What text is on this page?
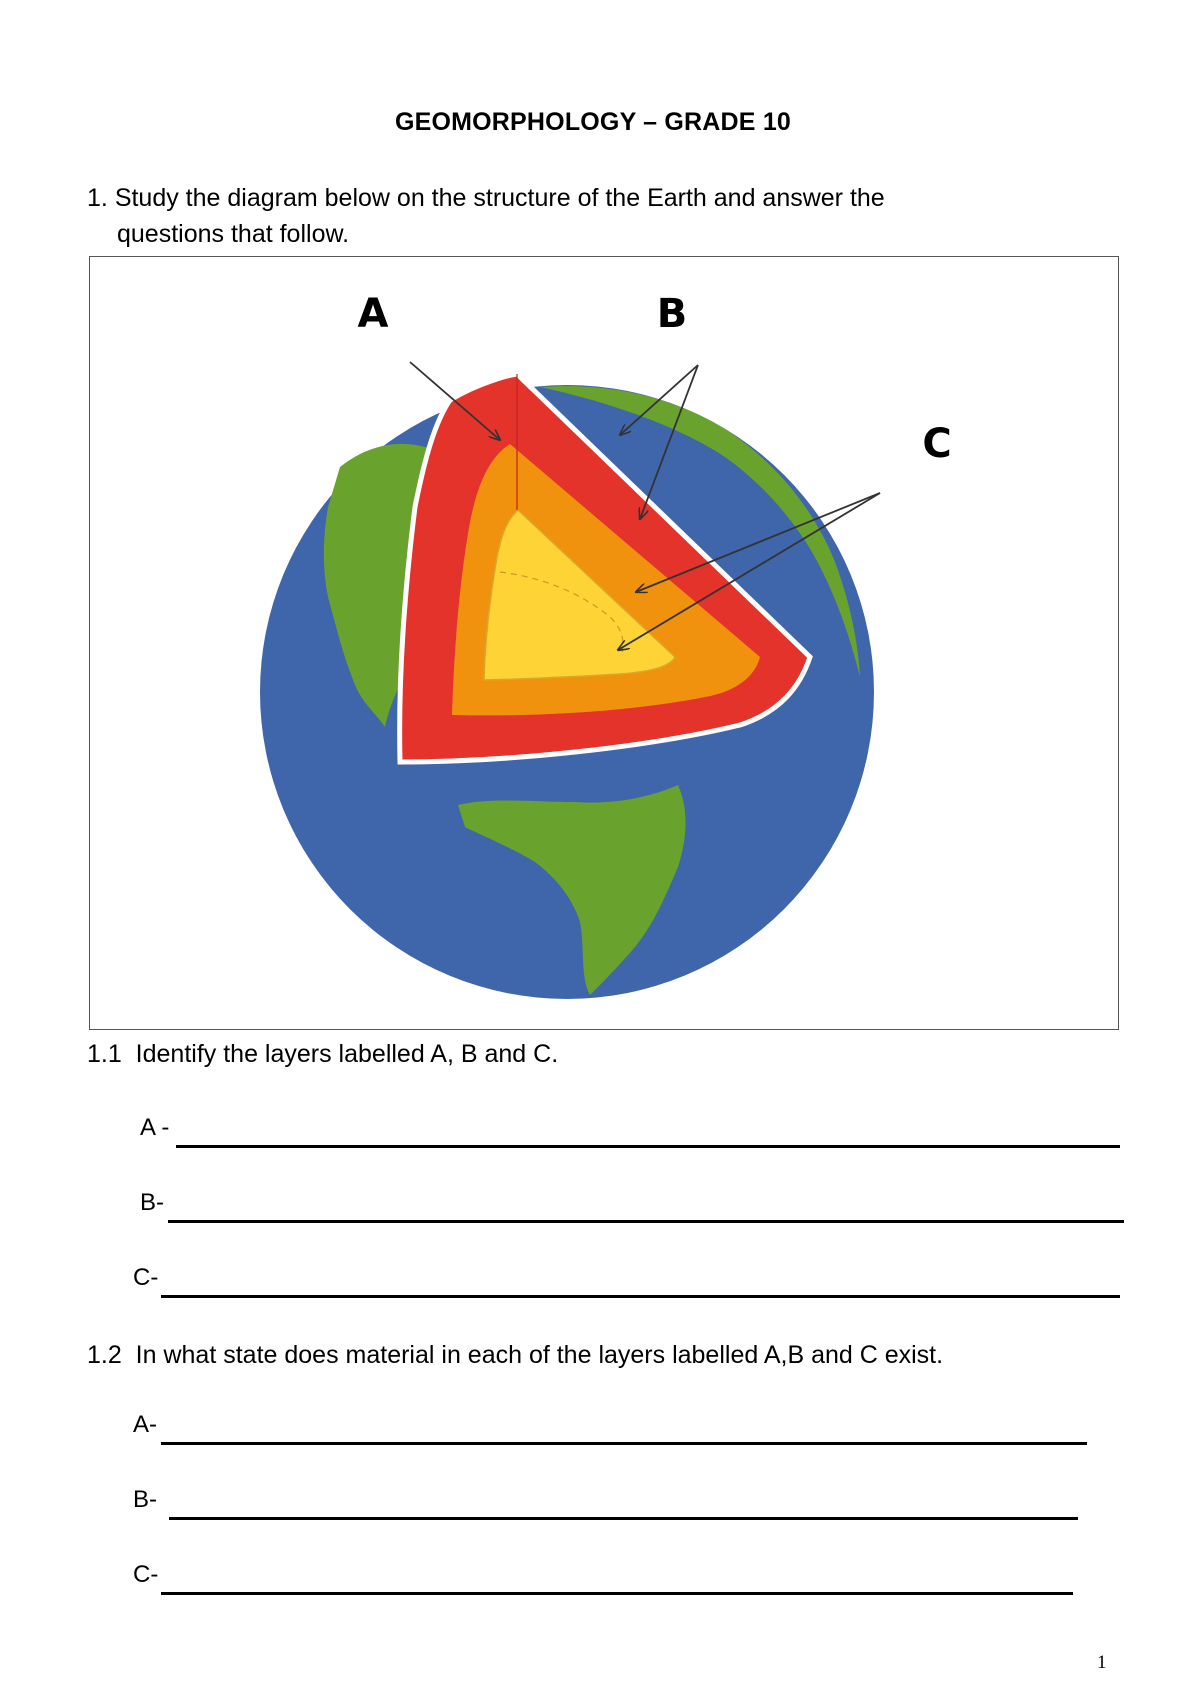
GEOMORPHOLOGY – GRADE 10
1. Study the diagram below on the structure of the Earth and answer the
questions that follow.
A	B
C
1.1 Identify the layers labelled A, B and C.
A -
B-
C-
1.2 In what state does material in each of the layers labelled A,B and C exist.
A-
B-
C-
1
